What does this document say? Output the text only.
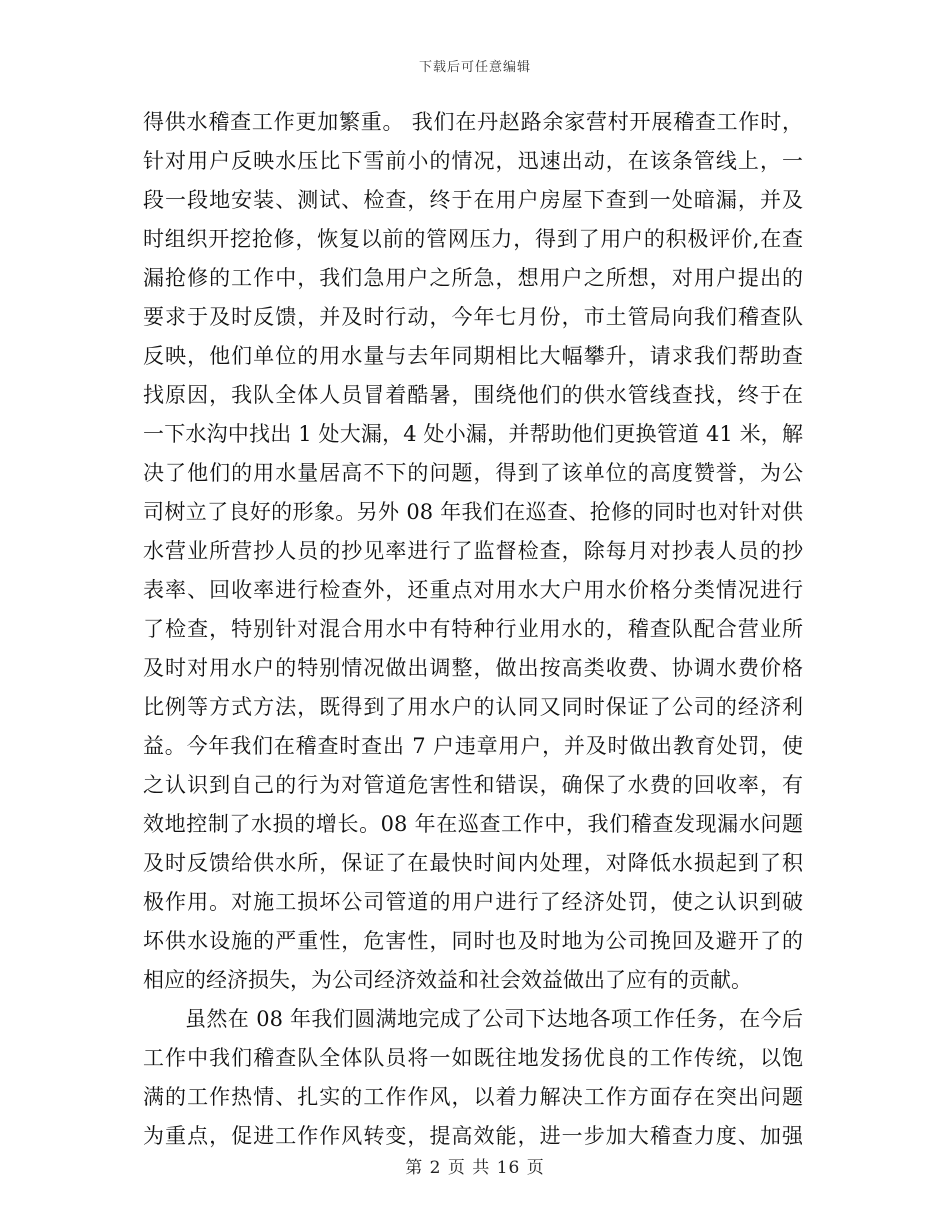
下载后可任意编辑
得供水稽查工作更加繁重。 我们在丹赵路余家营村开展稽查工作时，
针对用户反映水压比下雪前小的情况，迅速出动，在该条管线上，一
段一段地安装、测试、检查，终于在用户房屋下查到一处暗漏，并及
时组织开挖抢修，恢复以前的管网压力，得到了用户的积极评价,在查
漏抢修的工作中，我们急用户之所急，想用户之所想，对用户提出的
要求于及时反馈，并及时行动，今年七月份，市土管局向我们稽查队
反映，他们单位的用水量与去年同期相比大幅攀升，请求我们帮助查
找原因，我队全体人员冒着酷暑，围绕他们的供水管线查找，终于在
一下水沟中找出 1 处大漏，4 处小漏，并帮助他们更换管道 41 米，解
决了他们的用水量居高不下的问题，得到了该单位的高度赞誉，为公
司树立了良好的形象。另外 08 年我们在巡查、抢修的同时也对针对供
水营业所营抄人员的抄见率进行了监督检查，除每月对抄表人员的抄
表率、回收率进行检查外，还重点对用水大户用水价格分类情况进行
了检查，特别针对混合用水中有特种行业用水的，稽查队配合营业所
及时对用水户的特别情况做出调整，做出按高类收费、协调水费价格
比例等方式方法，既得到了用水户的认同又同时保证了公司的经济利
益。今年我们在稽查时查出 7 户违章用户，并及时做出教育处罚，使
之认识到自己的行为对管道危害性和错误，确保了水费的回收率，有
效地控制了水损的增长。08 年在巡查工作中，我们稽查发现漏水问题
及时反馈给供水所，保证了在最快时间内处理，对降低水损起到了积
极作用。对施工损坏公司管道的用户进行了经济处罚，使之认识到破
坏供水设施的严重性，危害性，同时也及时地为公司挽回及避开了的
相应的经济损失，为公司经济效益和社会效益做出了应有的贡献。
虽然在 08 年我们圆满地完成了公司下达地各项工作任务，在今后
工作中我们稽查队全体队员将一如既往地发扬优良的工作传统，以饱
满的工作热情、扎实的工作作风，以着力解决工作方面存在突出问题
为重点，促进工作作风转变，提高效能，进一步加大稽查力度、加强
第 2 页 共 16 页
